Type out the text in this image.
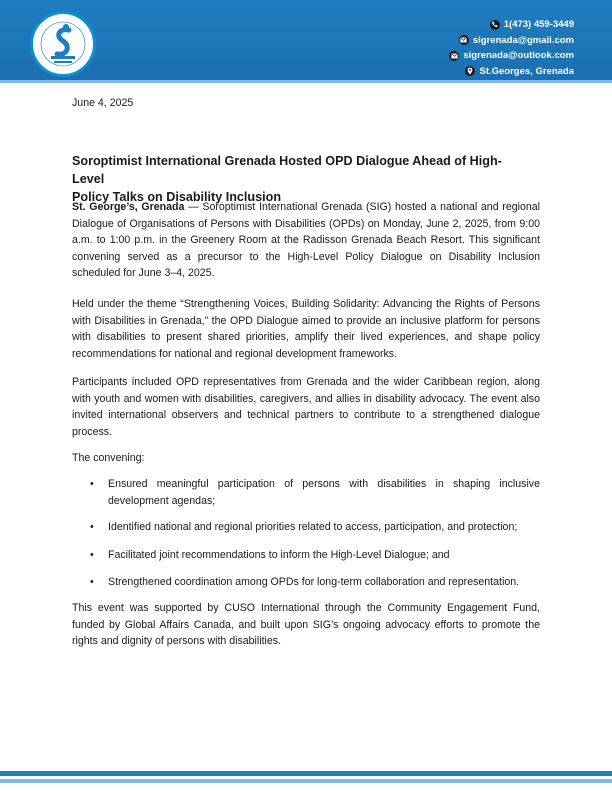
1(473) 459-3449
sigrenada@gmail.com
sigrenada@outlook.com
St.Georges, Grenada
June 4, 2025
Soroptimist International Grenada Hosted OPD Dialogue Ahead of High-Level
Policy Talks on Disability Inclusion

St. George’s, Grenada — Soroptimist International Grenada (SIG) hosted a national and regional Dialogue of Organisations of Persons with Disabilities (OPDs) on Monday, June 2, 2025, from 9:00 a.m. to 1:00 p.m. in the Greenery Room at the Radisson Grenada Beach Resort. This significant convening served as a precursor to the High-Level Policy Dialogue on Disability Inclusion scheduled for June 3–4, 2025.

Held under the theme “Strengthening Voices, Building Solidarity: Advancing the Rights of Persons with Disabilities in Grenada,” the OPD Dialogue aimed to provide an inclusive platform for persons with disabilities to present shared priorities, amplify their lived experiences, and shape policy recommendations for national and regional development frameworks.

Participants included OPD representatives from Grenada and the wider Caribbean region, along with youth and women with disabilities, caregivers, and allies in disability advocacy. The event also invited international observers and technical partners to contribute to a strengthened dialogue process.

The convening:

• Ensured meaningful participation of persons with disabilities in shaping inclusive development agendas;
• Identified national and regional priorities related to access, participation, and protection;
• Facilitated joint recommendations to inform the High-Level Dialogue; and
• Strengthened coordination among OPDs for long-term collaboration and representation.

This event was supported by CUSO International through the Community Engagement Fund, funded by Global Affairs Canada, and built upon SIG’s ongoing advocacy efforts to promote the rights and dignity of persons with disabilities.
